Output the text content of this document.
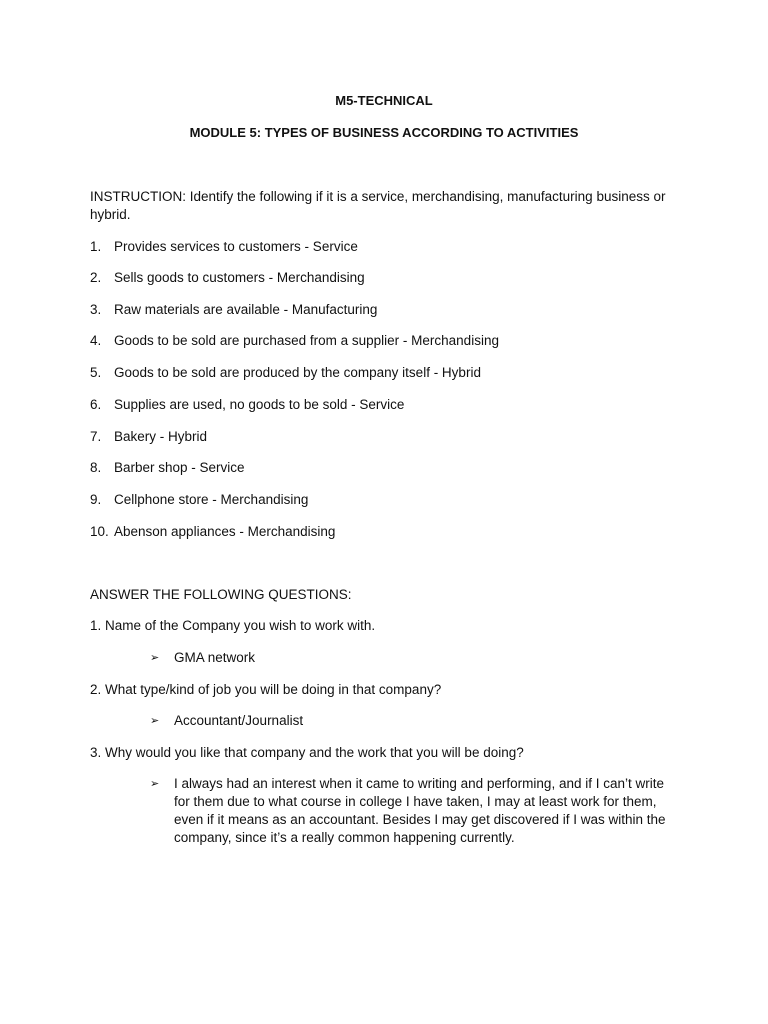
M5-TECHNICAL
MODULE 5: TYPES OF BUSINESS ACCORDING TO ACTIVITIES
INSTRUCTION: Identify the following if it is a service, merchandising, manufacturing business or hybrid.
1. Provides services to customers - Service
2. Sells goods to customers - Merchandising
3. Raw materials are available - Manufacturing
4. Goods to be sold are purchased from a supplier - Merchandising
5. Goods to be sold are produced by the company itself - Hybrid
6. Supplies are used, no goods to be sold - Service
7. Bakery - Hybrid
8. Barber shop - Service
9. Cellphone store - Merchandising
10. Abenson appliances - Merchandising
ANSWER THE FOLLOWING QUESTIONS:
1. Name of the Company you wish to work with.
➢	GMA network
2. What type/kind of job you will be doing in that company?
➢	Accountant/Journalist
3. Why would you like that company and the work that you will be doing?
➢	I always had an interest when it came to writing and performing, and if I can’t write for them due to what course in college I have taken, I may at least work for them, even if it means as an accountant. Besides I may get discovered if I was within the company, since it’s a really common happening currently.
